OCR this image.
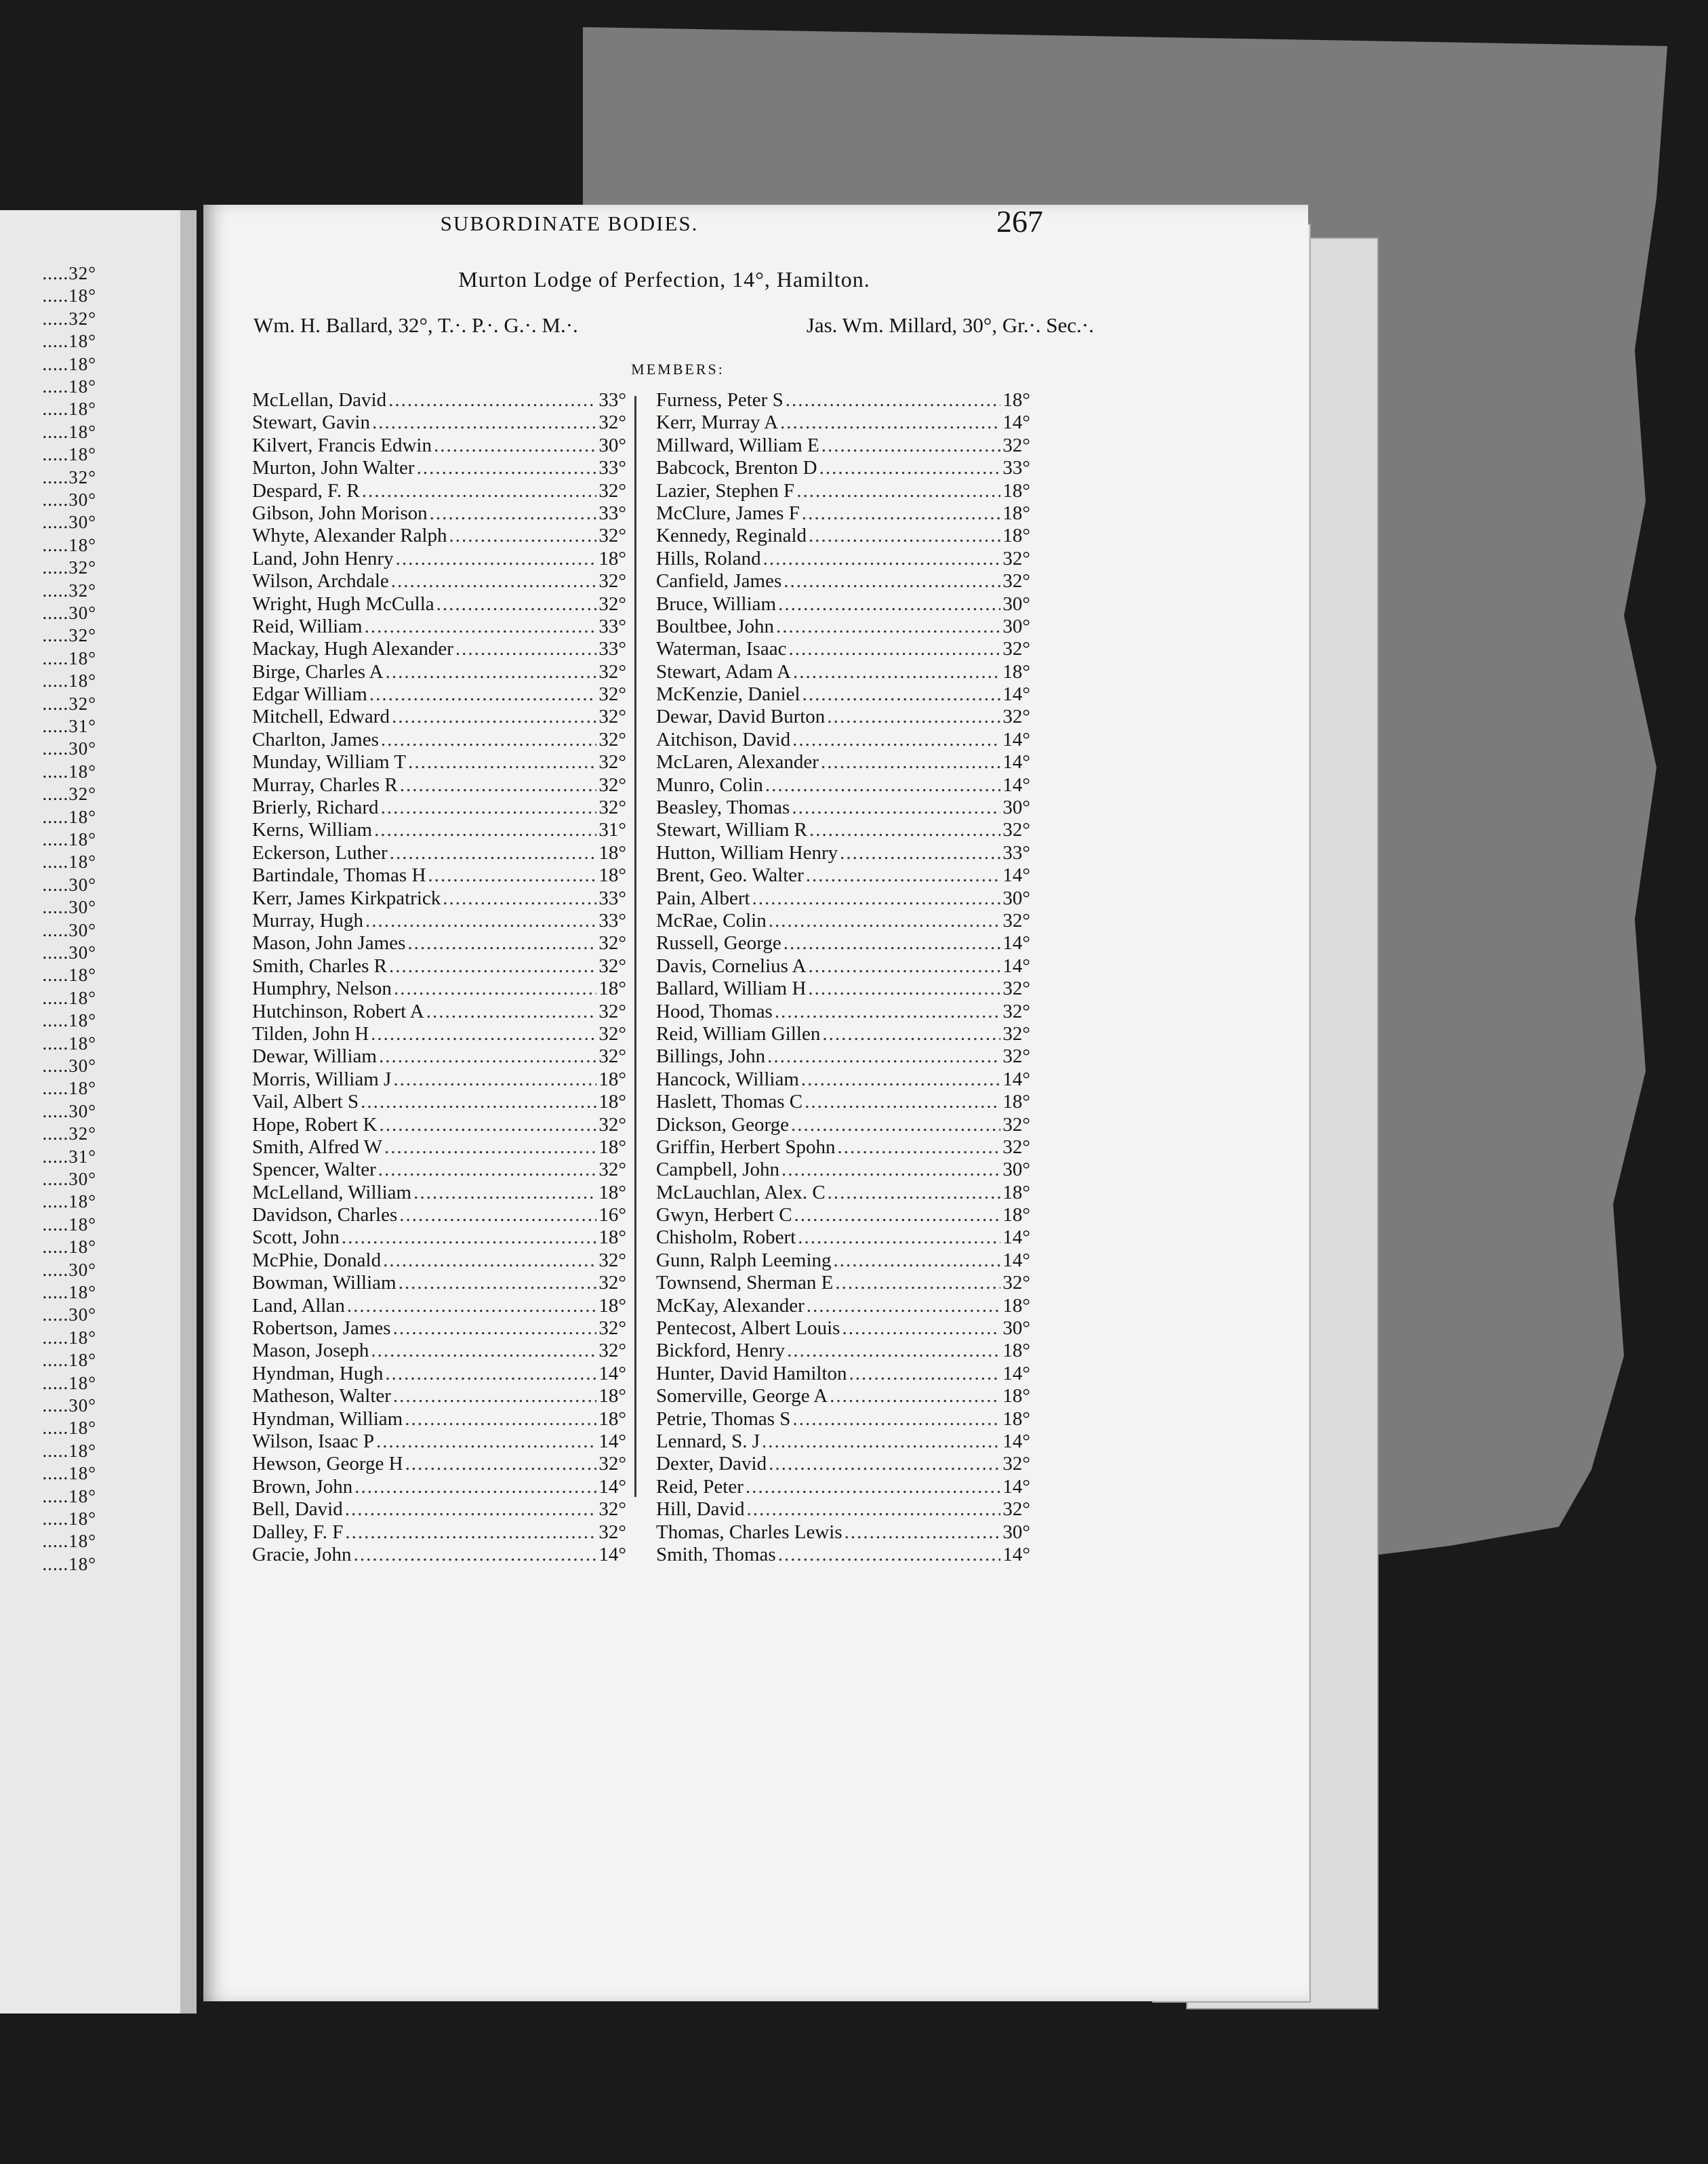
.....32°
.....18°
.....32°
.....18°
.....18°
.....18°
.....18°
.....18°
.....18°
.....32°
.....30°
.....30°
.....18°
.....32°
.....32°
.....30°
.....32°
.....18°
.....18°
.....32°
.....31°
.....30°
.....18°
.....32°
.....18°
.....18°
.....18°
.....30°
.....30°
.....30°
.....30°
.....18°
.....18°
.....18°
.....18°
.....30°
.....18°
.....30°
.....32°
.....31°
.....30°
.....18°
.....18°
.....18°
.....30°
.....18°
.....30°
.....18°
.....18°
.....18°
.....30°
.....18°
.....18°
.....18°
.....18°
.....18°
.....18°
.....18°
SUBORDINATE BODIES.	267
Murton Lodge of Perfection, 14°, Hamilton.
Wm. H. Ballard, 32°, T.·. P.·. G.·. M.·.	Jas. Wm. Millard, 30°, Gr.·. Sec.·.
MEMBERS:
McLellan, David .....	33°
Stewart, Gavin .....	32°
Kilvert, Francis Edwin .....	30°
Murton, John Walter .....	33°
Despard, F. R .....	32°
Gibson, John Morison .....	33°
Whyte, Alexander Ralph .....	32°
Land, John Henry .....	18°
Wilson, Archdale .....	32°
Wright, Hugh McCulla .....	32°
Reid, William .....	33°
Mackay, Hugh Alexander .....	33°
Birge, Charles A .....	32°
Edgar William .....	32°
Mitchell, Edward .....	32°
Charlton, James .....	32°
Munday, William T .....	32°
Murray, Charles R .....	32°
Brierly, Richard .....	32°
Kerns, William .....	31°
Eckerson, Luther .....	18°
Bartindale, Thomas H .....	18°
Kerr, James Kirkpatrick .....	33°
Murray, Hugh .....	33°
Mason, John James .....	32°
Smith, Charles R .....	32°
Humphry, Nelson .....	18°
Hutchinson, Robert A .....	32°
Tilden, John H .....	32°
Dewar, William .....	32°
Morris, William J .....	18°
Vail, Albert S .....	18°
Hope, Robert K .....	32°
Smith, Alfred W .....	18°
Spencer, Walter .....	32°
McLelland, William .....	18°
Davidson, Charles .....	16°
Scott, John .....	18°
McPhie, Donald .....	32°
Bowman, William .....	32°
Land, Allan .....	18°
Robertson, James .....	32°
Mason, Joseph .....	32°
Hyndman, Hugh .....	14°
Matheson, Walter .....	18°
Hyndman, William .....	18°
Wilson, Isaac P .....	14°
Hewson, George H .....	32°
Brown, John .....	14°
Bell, David .....	32°
Dalley, F. F .....	32°
Gracie, John .....	14°
Furness, Peter S .....	18°
Kerr, Murray A .....	14°
Millward, William E .....	32°
Babcock, Brenton D .....	33°
Lazier, Stephen F .....	18°
McClure, James F .....	18°
Kennedy, Reginald .....	18°
Hills, Roland .....	32°
Canfield, James .....	32°
Bruce, William .....	30°
Boultbee, John .....	30°
Waterman, Isaac .....	32°
Stewart, Adam A .....	18°
McKenzie, Daniel .....	14°
Dewar, David Burton .....	32°
Aitchison, David .....	14°
McLaren, Alexander .....	14°
Munro, Colin .....	14°
Beasley, Thomas .....	30°
Stewart, William R .....	32°
Hutton, William Henry .....	33°
Brent, Geo. Walter .....	14°
Pain, Albert .....	30°
McRae, Colin .....	32°
Russell, George .....	14°
Davis, Cornelius A .....	14°
Ballard, William H .....	32°
Hood, Thomas .....	32°
Reid, William Gillen .....	32°
Billings, John .....	32°
Hancock, William .....	14°
Haslett, Thomas C .....	18°
Dickson, George .....	32°
Griffin, Herbert Spohn .....	32°
Campbell, John .....	30°
McLauchlan, Alex. C .....	18°
Gwyn, Herbert C .....	18°
Chisholm, Robert .....	14°
Gunn, Ralph Leeming .....	14°
Townsend, Sherman E .....	32°
McKay, Alexander .....	18°
Pentecost, Albert Louis .....	30°
Bickford, Henry .....	18°
Hunter, David Hamilton .....	14°
Somerville, George A .....	18°
Petrie, Thomas S .....	18°
Lennard, S. J .....	14°
Dexter, David .....	32°
Reid, Peter .....	14°
Hill, David .....	32°
Thomas, Charles Lewis .....	30°
Smith, Thomas .....	14°
